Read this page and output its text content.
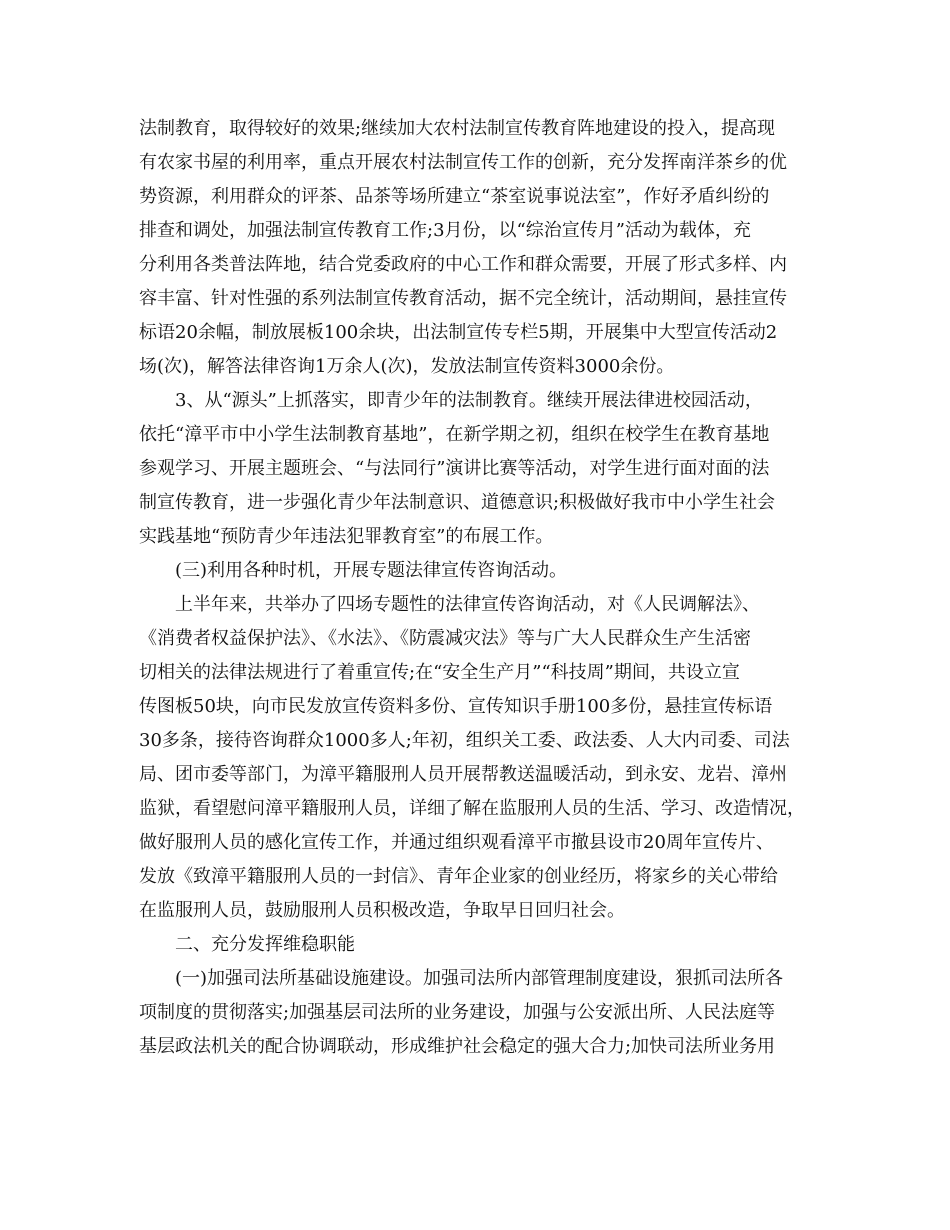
法制教育，取得较好的效果;继续加大农村法制宣传教育阵地建设的投入，提高现
有农家书屋的利用率，重点开展农村法制宣传工作的创新，充分发挥南洋茶乡的优
势资源，利用群众的评茶、品茶等场所建立“茶室说事说法室”，作好矛盾纠纷的
排查和调处，加强法制宣传教育工作;3月份，以“综治宣传月”活动为载体，充
分利用各类普法阵地，结合党委政府的中心工作和群众需要，开展了形式多样、内
容丰富、针对性强的系列法制宣传教育活动，据不完全统计，活动期间，悬挂宣传
标语20余幅，制放展板100余块，出法制宣传专栏5期，开展集中大型宣传活动2
场(次)，解答法律咨询1万余人(次)，发放法制宣传资料3000余份。
3、从“源头”上抓落实，即青少年的法制教育。继续开展法律进校园活动，
依托“漳平市中小学生法制教育基地”，在新学期之初，组织在校学生在教育基地
参观学习、开展主题班会、“与法同行”演讲比赛等活动，对学生进行面对面的法
制宣传教育，进一步强化青少年法制意识、道德意识;积极做好我市中小学生社会
实践基地“预防青少年违法犯罪教育室”的布展工作。
(三)利用各种时机，开展专题法律宣传咨询活动。
上半年来，共举办了四场专题性的法律宣传咨询活动，对《人民调解法》、
《消费者权益保护法》、《水法》、《防震减灾法》等与广大人民群众生产生活密
切相关的法律法规进行了着重宣传;在“安全生产月”“科技周”期间，共设立宣
传图板50块，向市民发放宣传资料多份、宣传知识手册100多份，悬挂宣传标语
30多条，接待咨询群众1000多人;年初，组织关工委、政法委、人大内司委、司法
局、团市委等部门，为漳平籍服刑人员开展帮教送温暖活动，到永安、龙岩、漳州
监狱，看望慰问漳平籍服刑人员，详细了解在监服刑人员的生活、学习、改造情况，
做好服刑人员的感化宣传工作，并通过组织观看漳平市撤县设市20周年宣传片、
发放《致漳平籍服刑人员的一封信》、青年企业家的创业经历，将家乡的关心带给
在监服刑人员，鼓励服刑人员积极改造，争取早日回归社会。
二、充分发挥维稳职能
(一)加强司法所基础设施建设。加强司法所内部管理制度建设，狠抓司法所各
项制度的贯彻落实;加强基层司法所的业务建设，加强与公安派出所、人民法庭等
基层政法机关的配合协调联动，形成维护社会稳定的强大合力;加快司法所业务用
